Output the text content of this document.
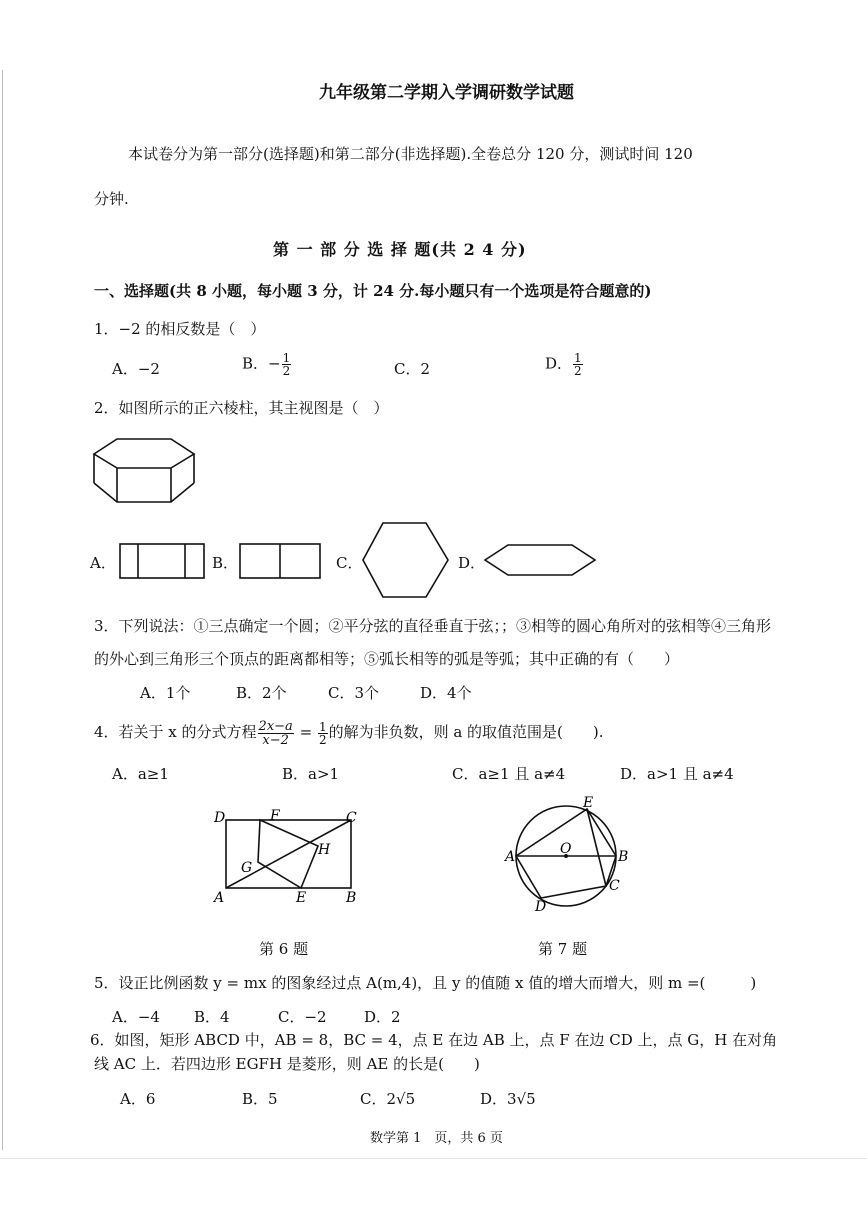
九年级第二学期入学调研数学试题
本试卷分为第一部分(选择题)和第二部分(非选择题).全卷总分 120 分，测试时间 120
分钟.
第 一 部 分 选 择 题(共 2 4 分)
一、选择题(共 8 小题，每小题 3 分，计 24 分.每小题只有一个选项是符合题意的)
1．−2 的相反数是（　）
A．−2	B．− $\frac{1}{2}$	C．2	D． $\frac{1}{2}$
2．如图所示的正六棱柱，其主视图是（　）
A．	B．	C．	D．
3．下列说法：①三点确定一个圆；②平分弦的直径垂直于弦；；③相等的圆心角所对的弦相等④三角形
的外心到三角形三个顶点的距离都相等；⑤弧长相等的弧是等弧；其中正确的有（　　）
A．1个	B．2个	C．3个	D．4个
4．若关于 x 的分式方程 $\frac{2x-a}{x-2} = \frac{1}{2}$ 的解为非负数，则 a 的取值范围是(　　).
A．a≥1	B．a>1	C．a≥1 且 a≠4	D．a>1 且 a≠4
D	F	C
G
H
A	E	B
第 6 题
O
A	B
E
C
D
第 7 题
5．设正比例函数 y = mx 的图象经过点 A(m,4)，且 y 的值随 x 值的增大而增大，则 m =(　　　)
A．−4 B．4	C．−2 D．2
6．如图，矩形 ABCD 中，AB = 8，BC = 4，点 E 在边 AB 上，点 F 在边 CD 上，点 G，H 在对角
线 AC 上．若四边形 EGFH 是菱形，则 AE 的长是(　　)
A．6	B．5	C．2√5	D．3√5
数学第 1　页，共 6 页
